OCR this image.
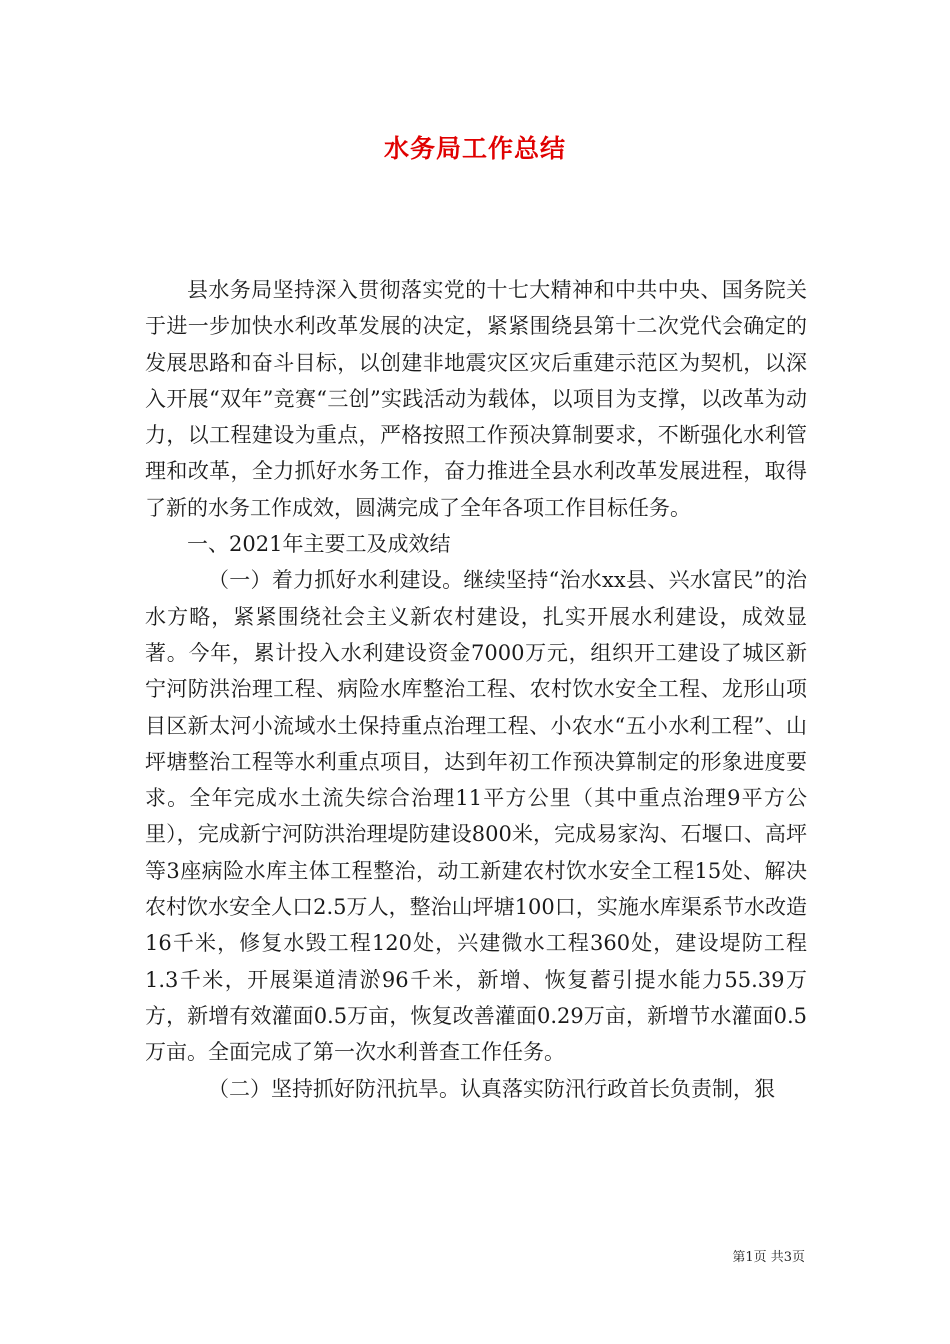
水务局工作总结

县水务局坚持深入贯彻落实党的十七大精神和中共中央、国务院关于进一步加快水利改革发展的决定，紧紧围绕县第十二次党代会确定的发展思路和奋斗目标，以创建非地震灾区灾后重建示范区为契机，以深入开展“双年”竞赛“三创”实践活动为载体，以项目为支撑，以改革为动力，以工程建设为重点，严格按照工作预决算制要求，不断强化水利管理和改革，全力抓好水务工作，奋力推进全县水利改革发展进程，取得了新的水务工作成效，圆满完成了全年各项工作目标任务。

一、2021年主要工及成效结

（一）着力抓好水利建设。继续坚持“治水xx县、兴水富民”的治水方略，紧紧围绕社会主义新农村建设，扎实开展水利建设，成效显著。今年，累计投入水利建设资金7000万元，组织开工建设了城区新宁河防洪治理工程、病险水库整治工程、农村饮水安全工程、龙形山项目区新太河小流域水土保持重点治理工程、小农水“五小水利工程”、山坪塘整治工程等水利重点项目，达到年初工作预决算制定的形象进度要求。全年完成水土流失综合治理11平方公里（其中重点治理9平方公里），完成新宁河防洪治理堤防建设800米，完成易家沟、石堰口、高坪等3座病险水库主体工程整治，动工新建农村饮水安全工程15处、解决农村饮水安全人口2.5万人，整治山坪塘100口，实施水库渠系节水改造16千米，修复水毁工程120处，兴建微水工程360处，建设堤防工程1.3千米，开展渠道清淤96千米，新增、恢复蓄引提水能力55.39万方，新增有效灌面0.5万亩，恢复改善灌面0.29万亩，新增节水灌面0.5万亩。全面完成了第一次水利普查工作任务。

（二）坚持抓好防汛抗旱。认真落实防汛行政首长负责制，狠

第1页 共3页
